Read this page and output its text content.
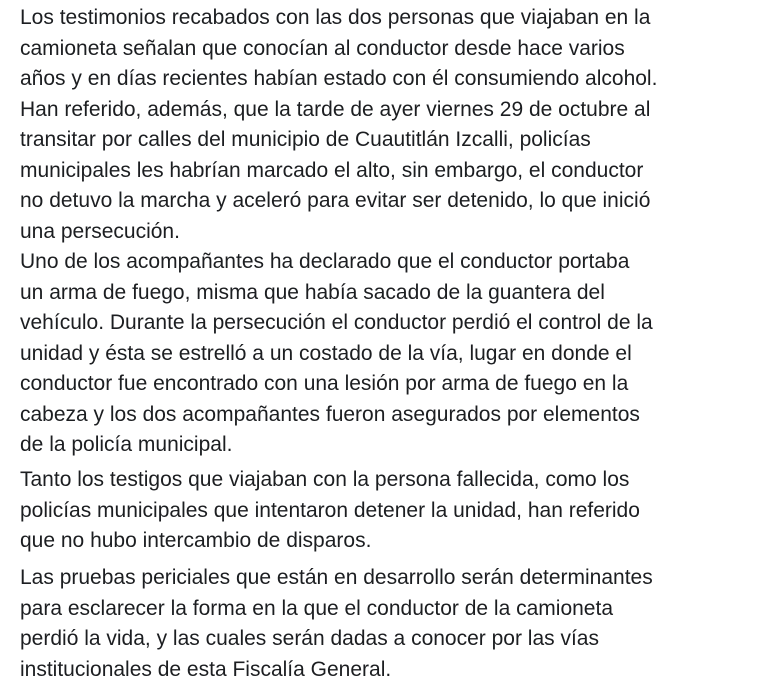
Los testimonios recabados con las dos personas que viajaban en la
camioneta señalan que conocían al conductor desde hace varios
años y en días recientes habían estado con él consumiendo alcohol.
Han referido, además, que la tarde de ayer viernes 29 de octubre al
transitar por calles del municipio de Cuautitlán Izcalli, policías
municipales les habrían marcado el alto, sin embargo, el conductor
no detuvo la marcha y aceleró para evitar ser detenido, lo que inició
una persecución.
Uno de los acompañantes ha declarado que el conductor portaba
un arma de fuego, misma que había sacado de la guantera del
vehículo. Durante la persecución el conductor perdió el control de la
unidad y ésta se estrelló a un costado de la vía, lugar en donde el
conductor fue encontrado con una lesión por arma de fuego en la
cabeza y los dos acompañantes fueron asegurados por elementos
de la policía municipal.
Tanto los testigos que viajaban con la persona fallecida, como los
policías municipales que intentaron detener la unidad, han referido
que no hubo intercambio de disparos.
Las pruebas periciales que están en desarrollo serán determinantes
para esclarecer la forma en la que el conductor de la camioneta
perdió la vida, y las cuales serán dadas a conocer por las vías
institucionales de esta Fiscalía General.
